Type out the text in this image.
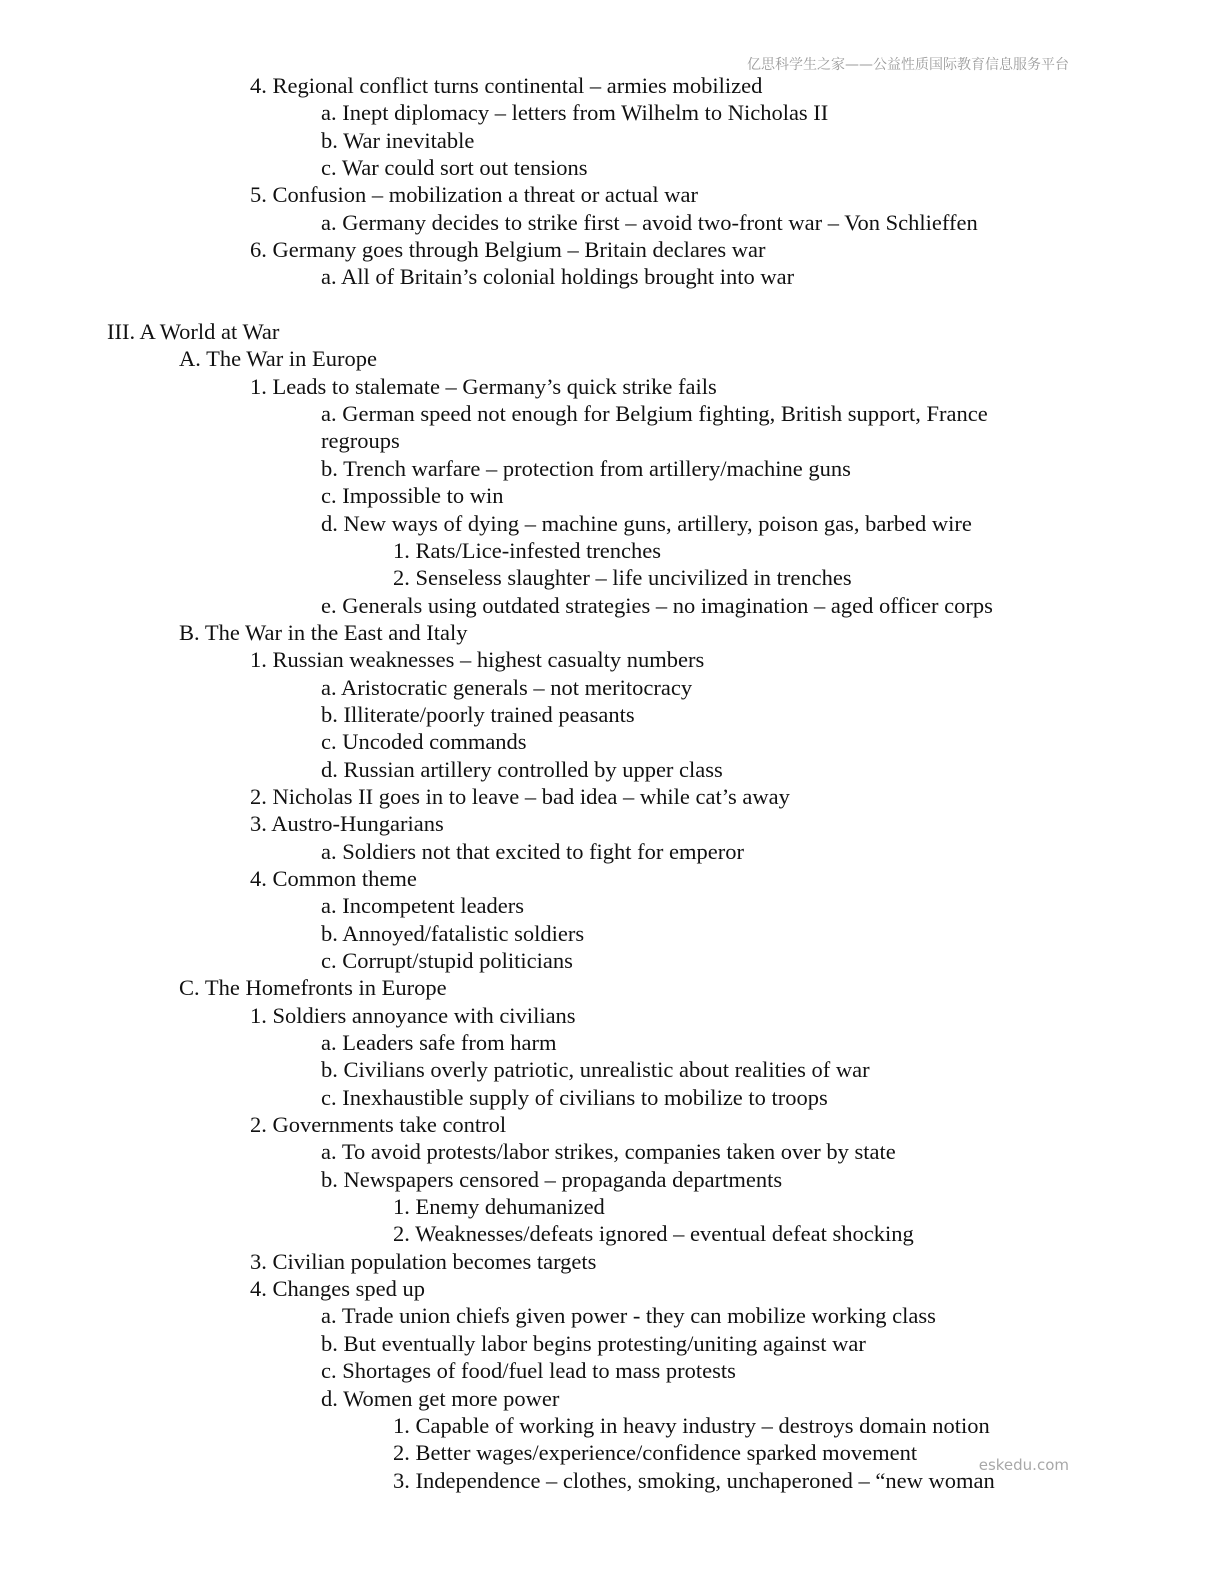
亿思科学生之家——公益性质国际教育信息服务平台
4. Regional conflict turns continental – armies mobilized
a. Inept diplomacy – letters from Wilhelm to Nicholas II
b. War inevitable
c. War could sort out tensions
5. Confusion – mobilization a threat or actual war
a. Germany decides to strike first – avoid two-front war – Von Schlieffen
6. Germany goes through Belgium – Britain declares war
a. All of Britain’s colonial holdings brought into war
III. A World at War
A. The War in Europe
1. Leads to stalemate – Germany’s quick strike fails
a. German speed not enough for Belgium fighting, British support, France
regroups
b. Trench warfare – protection from artillery/machine guns
c. Impossible to win
d. New ways of dying – machine guns, artillery, poison gas, barbed wire
1. Rats/Lice-infested trenches
2. Senseless slaughter – life uncivilized in trenches
e. Generals using outdated strategies – no imagination – aged officer corps
B. The War in the East and Italy
1. Russian weaknesses – highest casualty numbers
a. Aristocratic generals – not meritocracy
b. Illiterate/poorly trained peasants
c. Uncoded commands
d. Russian artillery controlled by upper class
2. Nicholas II goes in to leave – bad idea – while cat’s away
3. Austro-Hungarians
a. Soldiers not that excited to fight for emperor
4. Common theme
a. Incompetent leaders
b. Annoyed/fatalistic soldiers
c. Corrupt/stupid politicians
C. The Homefronts in Europe
1. Soldiers annoyance with civilians
a. Leaders safe from harm
b. Civilians overly patriotic, unrealistic about realities of war
c. Inexhaustible supply of civilians to mobilize to troops
2. Governments take control
a. To avoid protests/labor strikes, companies taken over by state
b. Newspapers censored – propaganda departments
1. Enemy dehumanized
2. Weaknesses/defeats ignored – eventual defeat shocking
3. Civilian population becomes targets
4. Changes sped up
a. Trade union chiefs given power - they can mobilize working class
b. But eventually labor begins protesting/uniting against war
c. Shortages of food/fuel lead to mass protests
d. Women get more power
1. Capable of working in heavy industry – destroys domain notion
2. Better wages/experience/confidence sparked movement
3. Independence – clothes, smoking, unchaperoned – “new woman
eskedu.com
